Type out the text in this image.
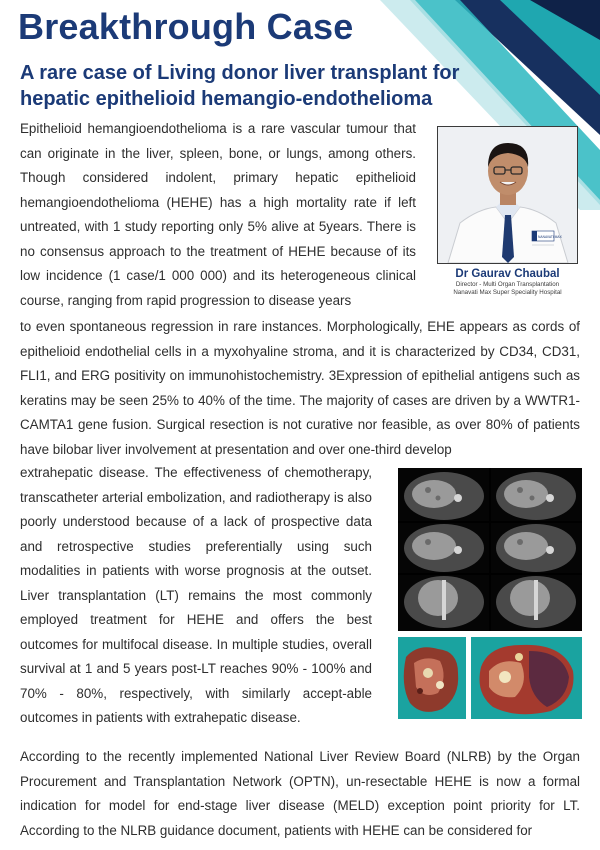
Breakthrough Case
A rare case of Living donor liver transplant for hepatic epithelioid hemangio-endothelioma

Epithelioid hemangioendothelioma is a rare vascular tumour that can originate in the liver, spleen, bone, or lungs, among others. Though considered indolent, primary hepatic epithelioid hemangioendothelioma (HEHE) has a high mortality rate if left untreated, with 1 study reporting only 5% alive at 5years. There is no consensus approach to the treatment of HEHE because of its low incidence (1 case/1 000 000) and its heterogeneous clinical course, ranging from rapid progression to disease years

NANAVATI MAX

Dr Gaurav Chaubal

Director - Multi Organ Transplantation
Nanavati Max Super Speciality Hospital

to even spontaneous regression in rare instances. Morphologically, EHE appears as cords of epithelioid endothelial cells in a myxohyaline stroma, and it is characterized by CD34, CD31, FLI1, and ERG positivity on immunohistochemistry. 3Expression of epithelial antigens such as keratins may be seen 25% to 40% of the time. The majority of cases are driven by a WWTR1-CAMTA1 gene fusion. Surgical resection is not curative nor feasible, as over 80% of patients have bilobar liver involvement at presentation and over one-third develop

extrahepatic disease. The effectiveness of chemotherapy, transcatheter arterial embolization, and radiotherapy is also poorly understood because of a lack of prospective data and retrospective studies preferentially using such modalities in patients with worse prognosis at the outset. Liver transplantation (LT) remains the most commonly employed treatment for HEHE and offers the best outcomes for multifocal disease. In multiple studies, overall survival at 1 and 5 years post-LT reaches 90% - 100% and 70% - 80%, respectively, with similarly accept-able outcomes in patients with extrahepatic disease.

According to the recently implemented National Liver Review Board (NLRB) by the Organ Procurement and Transplantation Network (OPTN), un-resectable HEHE is now a formal indication for model for end-stage liver disease (MELD) exception point priority for LT. According to the NLRB guidance document, patients with HEHE can be considered for
